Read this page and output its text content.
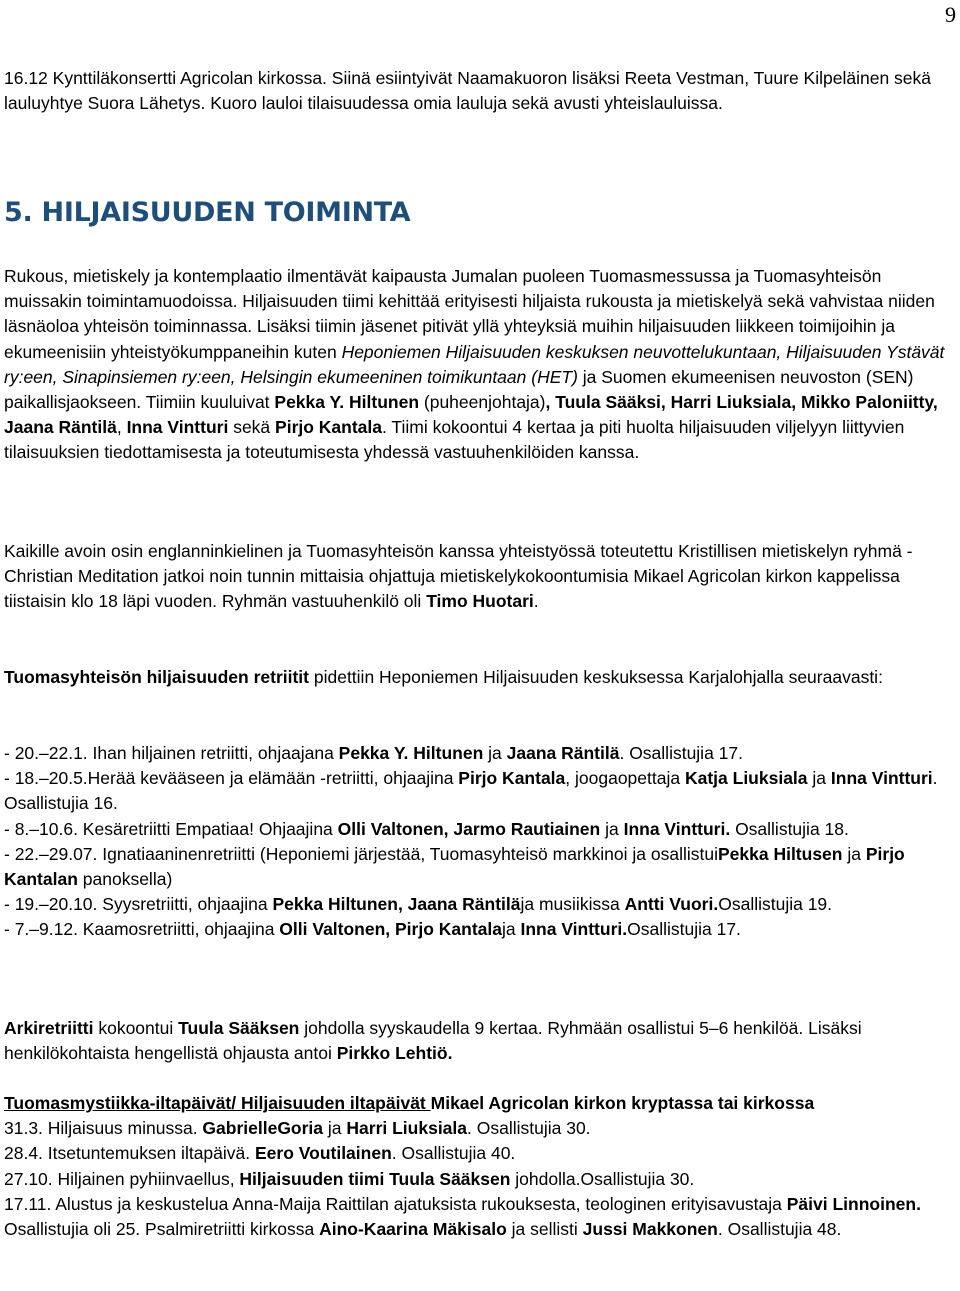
9

16.12 Kynttiläkonsertti Agricolan kirkossa. Siinä esiintyivät Naamakuoron lisäksi Reeta Vestman, Tuure Kilpeläinen sekä lauluyhtye Suora Lähetys. Kuoro lauloi tilaisuudessa omia lauluja sekä avusti yhteislauluissa.

5. HILJAISUUDEN TOIMINTA

Rukous, mietiskely ja kontemplaatio ilmentävät kaipausta Jumalan puoleen Tuomasmessussa ja Tuomasyhteisön muissakin toimintamuodoissa. Hiljaisuuden tiimi kehittää erityisesti hiljaista rukousta ja mietiskelyä sekä vahvistaa niiden läsnäoloa yhteisön toiminnassa. Lisäksi tiimin jäsenet pitivät yllä yhteyksiä muihin hiljaisuuden liikkeen toimijoihin ja ekumeenisiin yhteistyökumppaneihin kuten Heponiemen Hiljaisuuden keskuksen neuvottelukuntaan, Hiljaisuuden Ystävät ry:een, Sinapinsiemen ry:een, Helsingin ekumeeninen toimikuntaan (HET) ja Suomen ekumeenisen neuvoston (SEN) paikallisjaokseen. Tiimiin kuuluivat Pekka Y. Hiltunen (puheenjohtaja), Tuula Sääksi, Harri Liuksiala, Mikko Paloniitty, Jaana Räntilä, Inna Vintturi sekä Pirjo Kantala. Tiimi kokoontui 4 kertaa ja piti huolta hiljaisuuden viljelyyn liittyvien tilaisuuksien tiedottamisesta ja toteutumisesta yhdessä vastuuhenkilöiden kanssa.

Kaikille avoin osin englanninkielinen ja Tuomasyhteisön kanssa yhteistyössä toteutettu Kristillisen mietiskelyn ryhmä - Christian Meditation jatkoi noin tunnin mittaisia ohjattuja mietiskelykokoontumisia Mikael Agricolan kirkon kappelissa tiistaisin klo 18 läpi vuoden. Ryhmän vastuuhenkilö oli Timo Huotari.

Tuomasyhteisön hiljaisuuden retriitit pidettiin Heponiemen Hiljaisuuden keskuksessa Karjalohjalla seuraavasti:

- 20.–22.1. Ihan hiljainen retriitti, ohjaajana Pekka Y. Hiltunen ja Jaana Räntilä. Osallistujia 17.

- 18.–20.5.Herää kevääseen ja elämään -retriitti, ohjaajina Pirjo Kantala, joogaopettaja Katja Liuksiala ja Inna Vintturi. Osallistujia 16.

- 8.–10.6. Kesäretriitti Empatiaa! Ohjaajina Olli Valtonen, Jarmo Rautiainen ja Inna Vintturi. Osallistujia 18.

- 22.–29.07. Ignatiaaninenretriitti (Heponiemi järjestää, Tuomasyhteisö markkinoi ja osallistuiPekka Hiltusen ja Pirjo Kantalan panoksella)

- 19.–20.10. Syysretriitti, ohjaajina Pekka Hiltunen, Jaana Räntiläja musiikissa Antti Vuori.Osallistujia 19.

- 7.–9.12. Kaamosretriitti, ohjaajina Olli Valtonen, Pirjo Kantalaja Inna Vintturi.Osallistujia 17.

Arkiretriitti kokoontui Tuula Sääksen johdolla syyskaudella 9 kertaa. Ryhmään osallistui 5–6 henkilöä. Lisäksi henkilökohtaista hengellistä ohjausta antoi Pirkko Lehtiö.

Tuomasmystiikka-iltapäivät/ Hiljaisuuden iltapäivät Mikael Agricolan kirkon kryptassa tai kirkossa

31.3. Hiljaisuus minussa. GabrielleGoria ja Harri Liuksiala. Osallistujia 30.

28.4. Itsetuntemuksen iltapäivä. Eero Voutilainen. Osallistujia 40.

27.10. Hiljainen pyhiinvaellus, Hiljaisuuden tiimi Tuula Sääksen johdolla.Osallistujia 30.

17.11. Alustus ja keskustelua Anna-Maija Raittilan ajatuksista rukouksesta, teologinen erityisavustaja Päivi Linnoinen. Osallistujia oli 25. Psalmiretriitti kirkossa Aino-Kaarina Mäkisalo ja sellisti Jussi Makkonen. Osallistujia 48.
